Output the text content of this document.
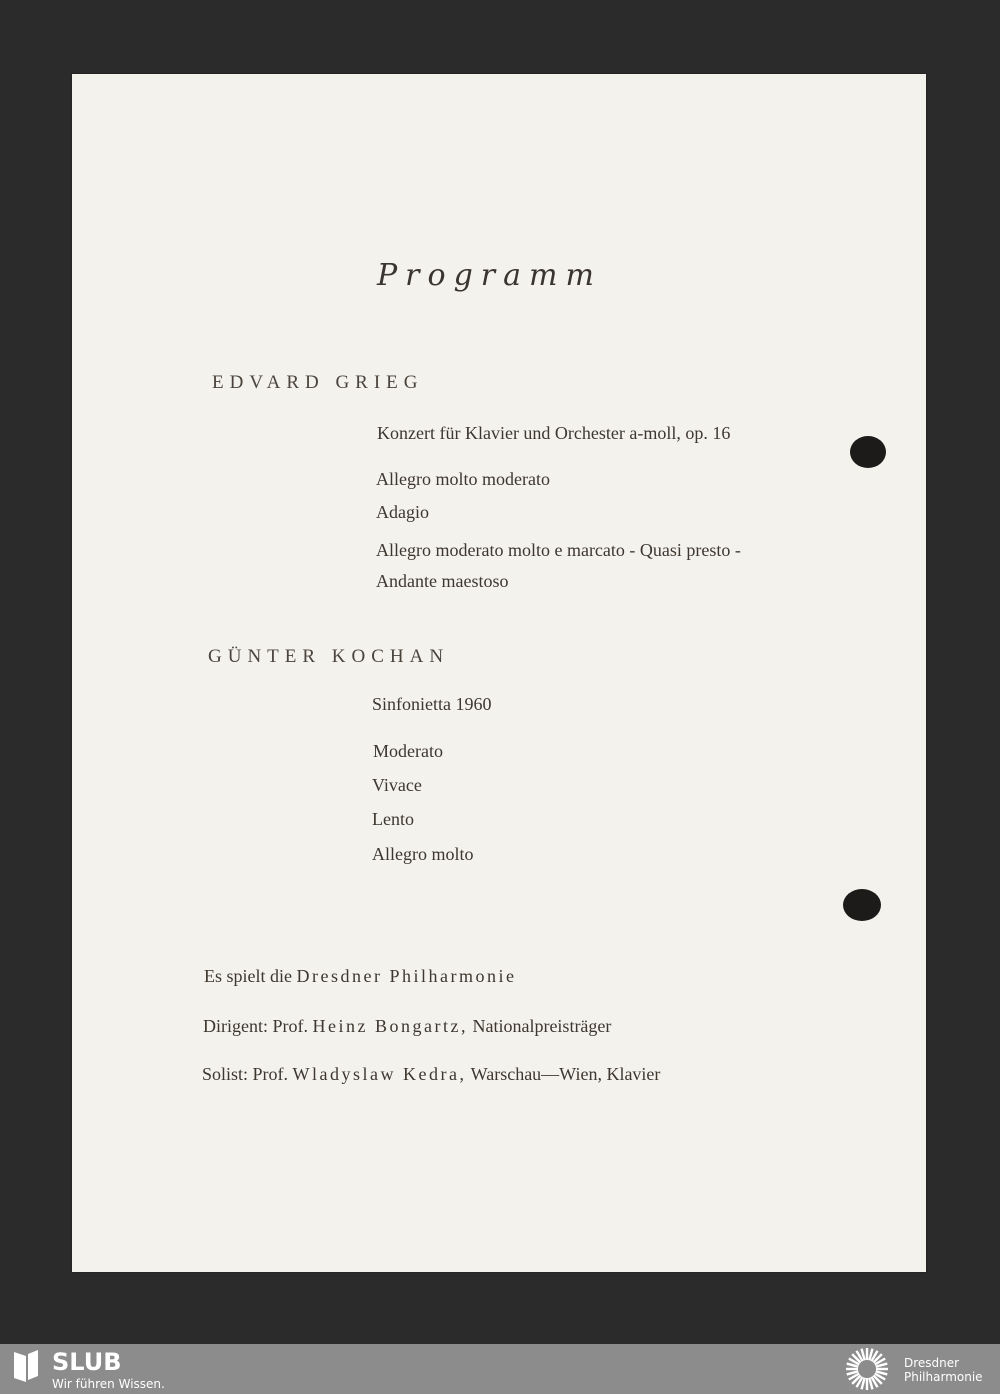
Programm
EDVARD GRIEG
Konzert für Klavier und Orchester a-moll, op. 16
Allegro molto moderato
Adagio
Allegro moderato molto e marcato - Quasi presto -
Andante maestoso
GÜNTER KOCHAN
Sinfonietta 1960
Moderato
Vivace
Lento
Allegro molto
Es spielt die Dresdner Philharmonie
Dirigent: Prof. Heinz Bongartz, Nationalpreisträger
Solist: Prof. Wladyslaw Kedra, Warschau—Wien, Klavier
SLUB
Wir führen Wissen.
Dresdner
Philharmonie
